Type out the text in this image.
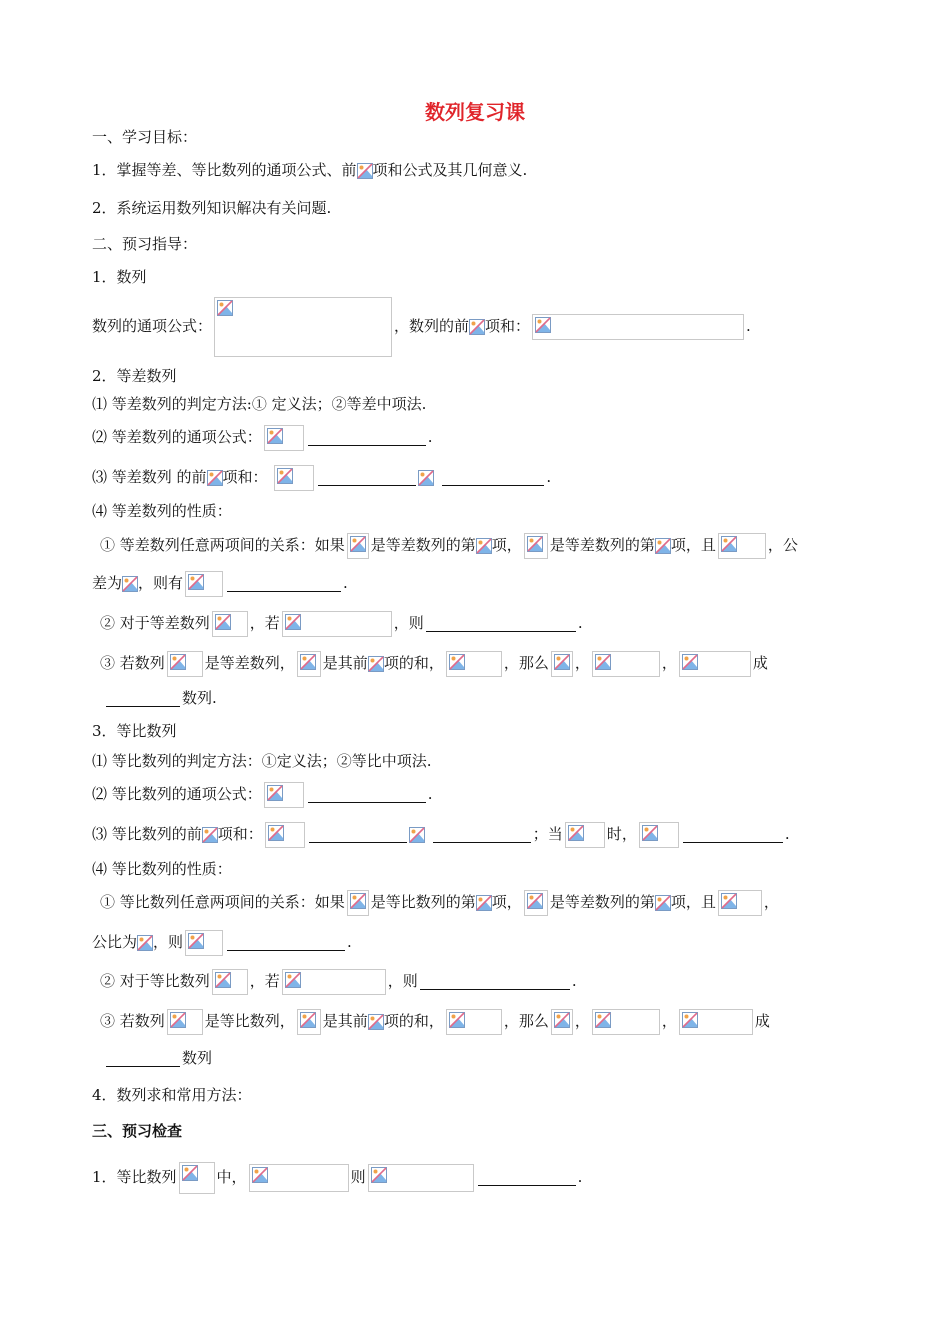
数列复习课
一、学习目标：
1．掌握等差、等比数列的通项公式、前 项和公式及其几何意义.
2．系统运用数列知识解决有关问题.
二、预习指导：
1．数列
数列的通项公式：	，数列的前 项和：	.
2．等差数列
⑴ 等差数列的判定方法:① 定义法；②等差中项法.
⑵ 等差数列的通项公式：	.
⑶ 等差数列 的前 项和：	.
⑷ 等差数列的性质：
① 等差数列任意两项间的关系：如果 是等差数列的第 项， 是等差数列的第 项，且	，公
差为 ，则有	.
② 对于等差数列	，若	，则	.
③ 若数列	是等差数列， 是其前 项的和，	，那么 ，	，	成
数列.
3．等比数列
⑴ 等比数列的判定方法：①定义法；②等比中项法.
⑵ 等比数列的通项公式：	.
⑶ 等比数列的前 项和：	；当	时，	.
⑷ 等比数列的性质：
① 等比数列任意两项间的关系：如果 是等比数列的第 项， 是等差数列的第 项，且	，
公比为 ，则	.
② 对于等比数列	，若	，则	.
③ 若数列	是等比数列， 是其前 项的和，	，那么 ，	，	成
数列
4．数列求和常用方法：
三、预习检查
1．等比数列	中，	则	.
